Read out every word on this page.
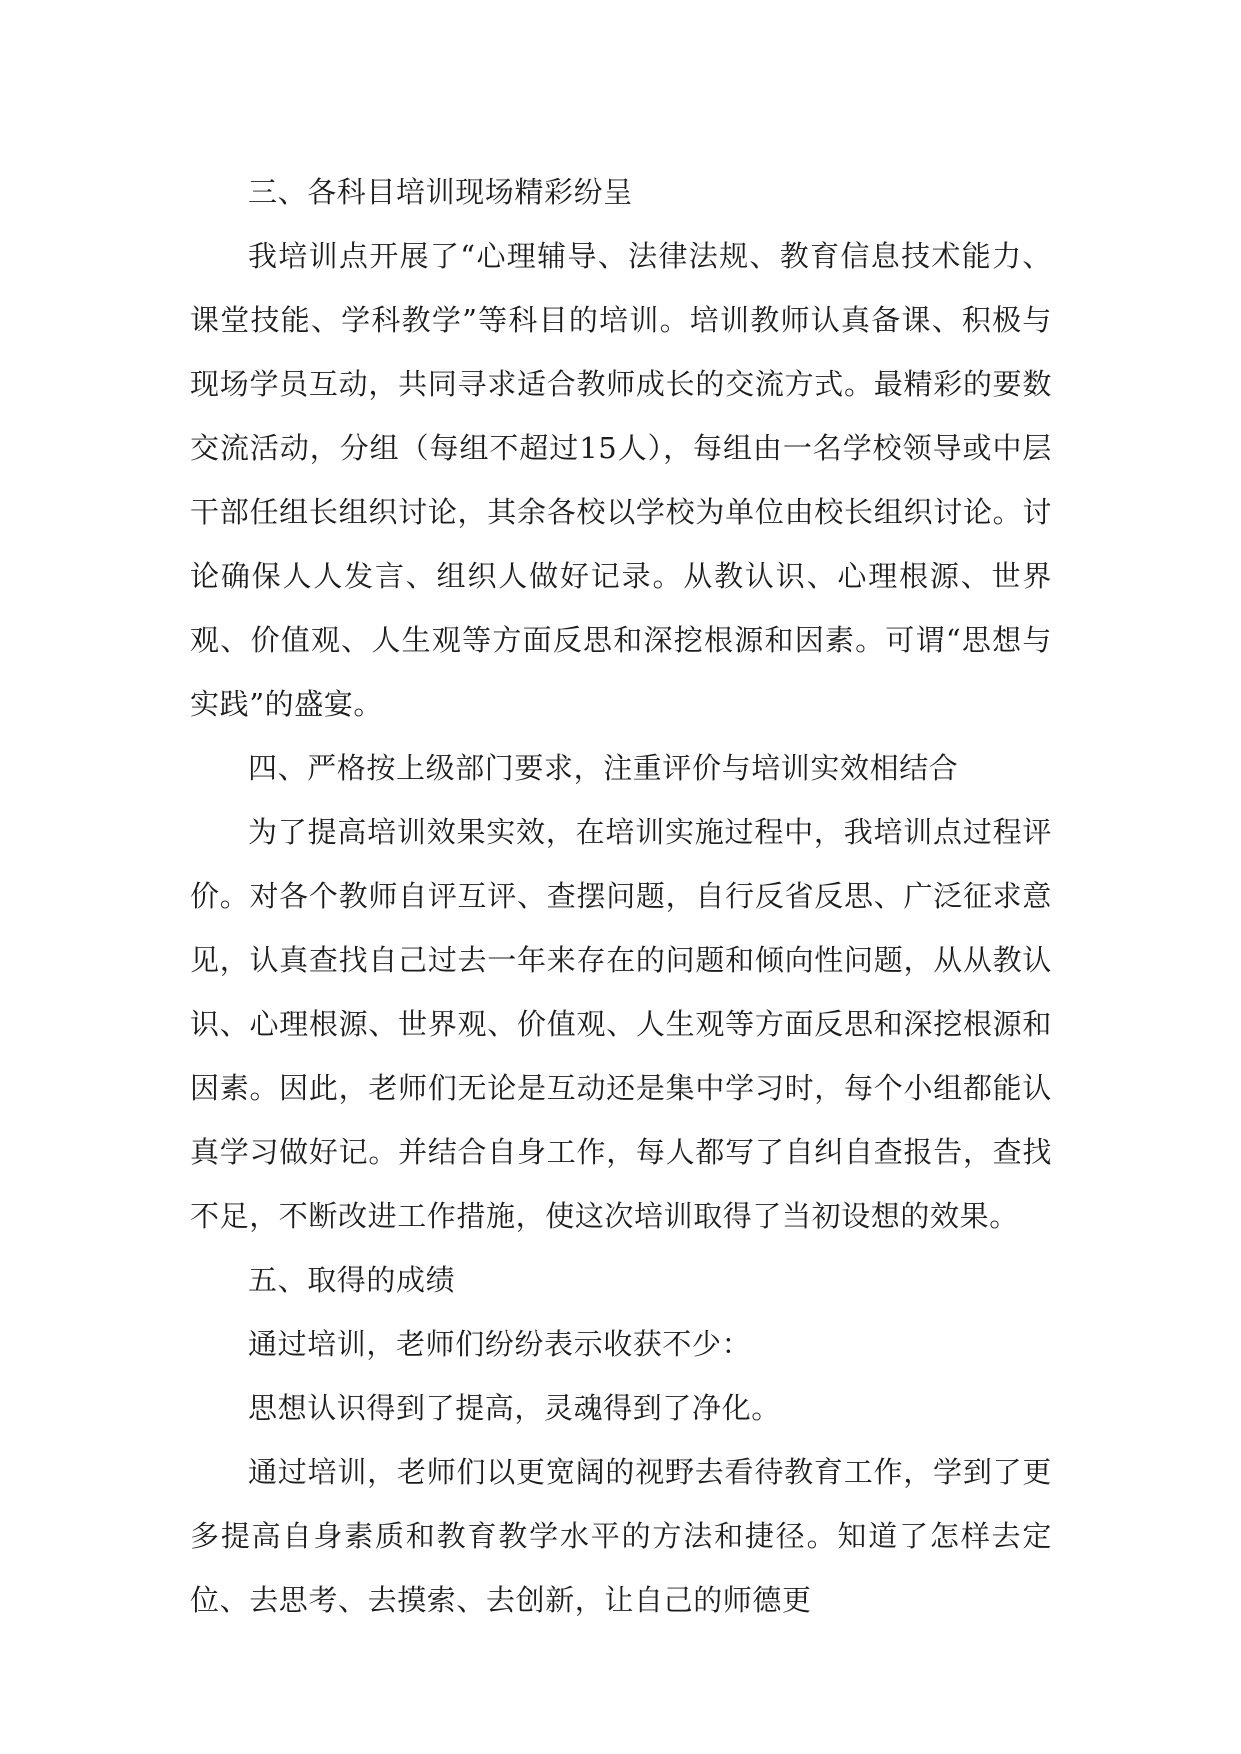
三、各科目培训现场精彩纷呈

我培训点开展了“心理辅导、法律法规、教育信息技术能力、课堂技能、学科教学”等科目的培训。培训教师认真备课、积极与现场学员互动，共同寻求适合教师成长的交流方式。最精彩的要数交流活动，分组（每组不超过15人），每组由一名学校领导或中层干部任组长组织讨论，其余各校以学校为单位由校长组织讨论。讨论确保人人发言、组织人做好记录。从教认识、心理根源、世界观、价值观、人生观等方面反思和深挖根源和因素。可谓“思想与实践”的盛宴。

四、严格按上级部门要求，注重评价与培训实效相结合

为了提高培训效果实效，在培训实施过程中，我培训点过程评价。对各个教师自评互评、查摆问题，自行反省反思、广泛征求意见，认真查找自己过去一年来存在的问题和倾向性问题，从从教认识、心理根源、世界观、价值观、人生观等方面反思和深挖根源和因素。因此，老师们无论是互动还是集中学习时，每个小组都能认真学习做好记。并结合自身工作，每人都写了自纠自查报告，查找不足，不断改进工作措施，使这次培训取得了当初设想的效果。

五、取得的成绩

通过培训，老师们纷纷表示收获不少：

思想认识得到了提高，灵魂得到了净化。

通过培训，老师们以更宽阔的视野去看待教育工作，学到了更多提高自身素质和教育教学水平的方法和捷径。知道了怎样去定位、去思考、去摸索、去创新，让自己的师德更
